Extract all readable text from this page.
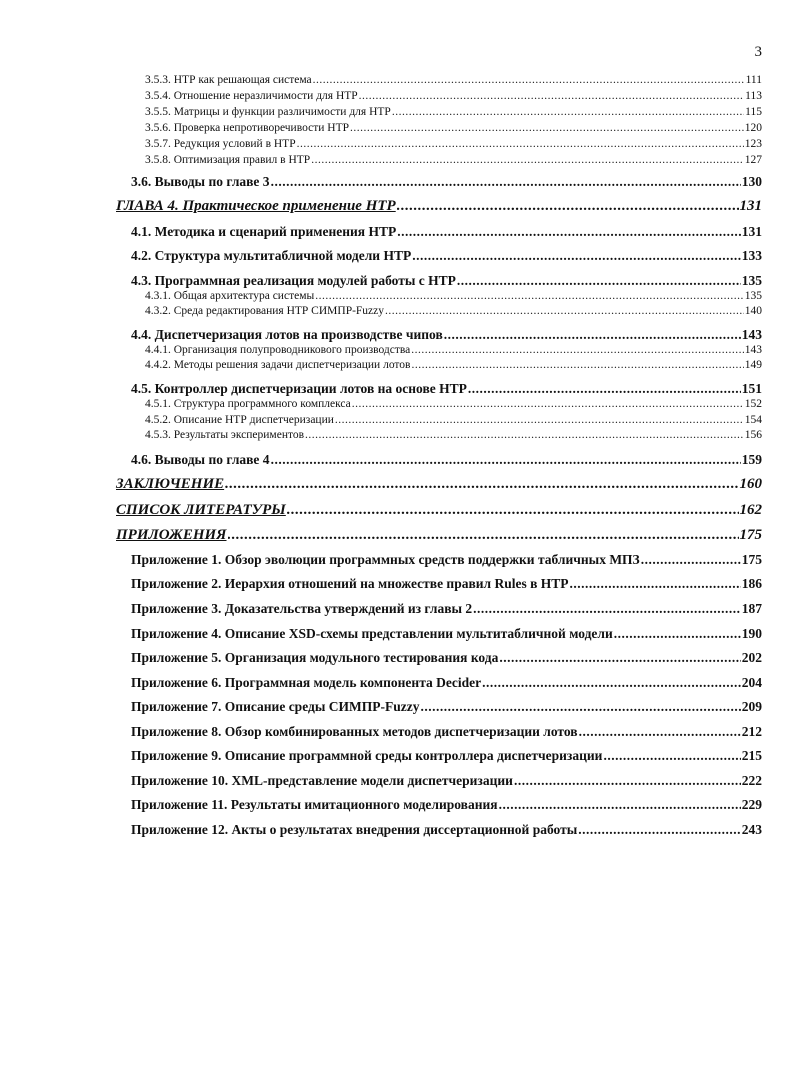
3
3.5.3. НТР как решающая система .....	111
3.5.4. Отношение неразличимости для НТР .....	113
3.5.5. Матрицы и функции различимости для НТР .....	115
3.5.6. Проверка непротиворечивости НТР .....	120
3.5.7. Редукция условий в НТР .....	123
3.5.8. Оптимизация правил в НТР .....	127
3.6. Выводы по главе 3 .....	130
ГЛАВА 4. Практическое применение НТР .....	131
4.1. Методика и сценарий применения НТР .....	131
4.2. Структура мультитабличной модели НТР .....	133
4.3. Программная реализация модулей работы с НТР .....	135
4.3.1. Общая архитектура системы .....	135
4.3.2. Среда редактирования НТР СИМПР-Fuzzy .....	140
4.4. Диспетчеризация лотов на производстве чипов .....	143
4.4.1. Организация полупроводникового производства .....	143
4.4.2. Методы решения задачи диспетчеризации лотов .....	149
4.5. Контроллер диспетчеризации лотов на основе НТР .....	151
4.5.1. Структура программного комплекса .....	152
4.5.2. Описание НТР диспетчеризации .....	154
4.5.3. Результаты экспериментов .....	156
4.6. Выводы по главе 4 .....	159
ЗАКЛЮЧЕНИЕ .....	160
СПИСОК ЛИТЕРАТУРЫ .....	162
ПРИЛОЖЕНИЯ .....	175
Приложение 1. Обзор эволюции программных средств поддержки табличных МПЗ .....	175
Приложение 2. Иерархия отношений на множестве правил Rules в НТР .....	186
Приложение 3. Доказательства утверждений из главы 2 .....	187
Приложение 4. Описание XSD-схемы представлении мультитабличной модели .....	190
Приложение 5. Организация модульного тестирования кода .....	202
Приложение 6. Программная модель компонента Decider .....	204
Приложение 7. Описание среды СИМПР-Fuzzy .....	209
Приложение 8. Обзор комбинированных методов диспетчеризации лотов .....	212
Приложение 9. Описание программной среды контроллера диспетчеризации .....	215
Приложение 10. XML-представление модели диспетчеризации .....	222
Приложение 11. Результаты имитационного моделирования .....	229
Приложение 12. Акты о результатах внедрения диссертационной работы .....	243
